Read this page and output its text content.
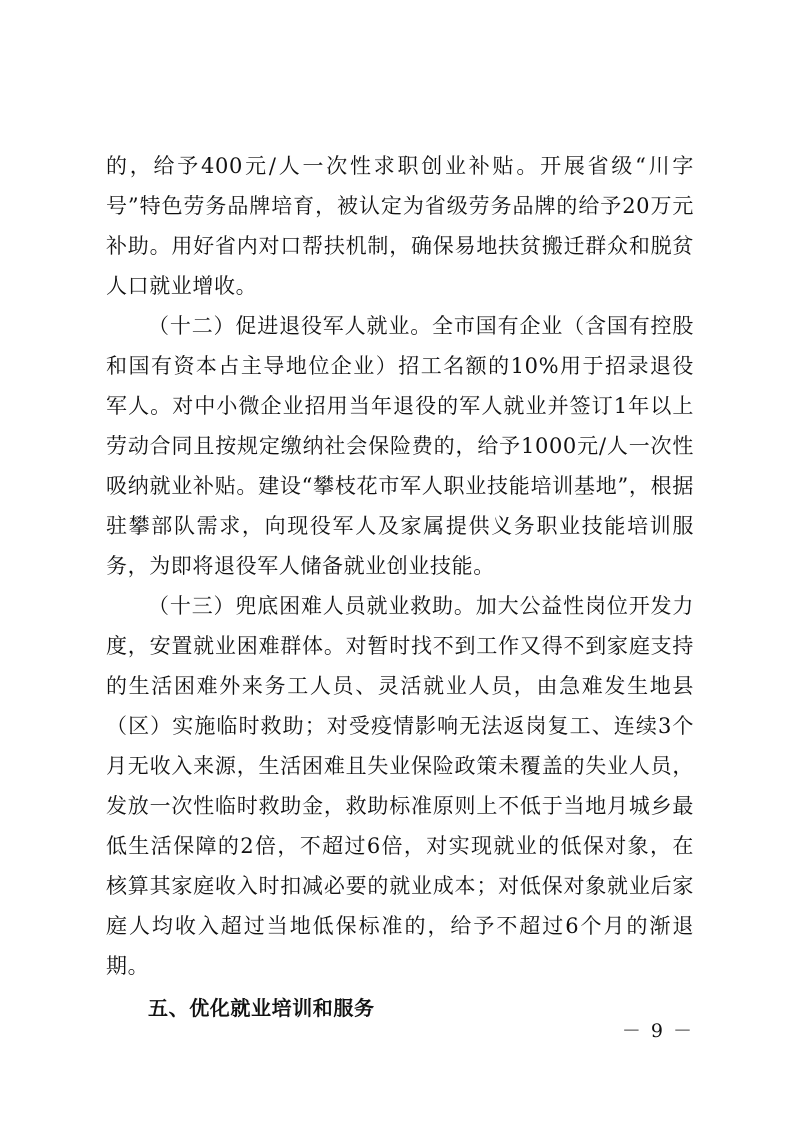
的，给予400元/人一次性求职创业补贴。开展省级“川字号”特色劳务品牌培育，被认定为省级劳务品牌的给予20万元补助。用好省内对口帮扶机制，确保易地扶贫搬迁群众和脱贫人口就业增收。

（十二）促进退役军人就业。全市国有企业（含国有控股和国有资本占主导地位企业）招工名额的10%用于招录退役军人。对中小微企业招用当年退役的军人就业并签订1年以上劳动合同且按规定缴纳社会保险费的，给予1000元/人一次性吸纳就业补贴。建设“攀枝花市军人职业技能培训基地”，根据驻攀部队需求，向现役军人及家属提供义务职业技能培训服务，为即将退役军人储备就业创业技能。

（十三）兜底困难人员就业救助。加大公益性岗位开发力度，安置就业困难群体。对暂时找不到工作又得不到家庭支持的生活困难外来务工人员、灵活就业人员，由急难发生地县（区）实施临时救助；对受疫情影响无法返岗复工、连续3个月无收入来源，生活困难且失业保险政策未覆盖的失业人员，发放一次性临时救助金，救助标准原则上不低于当地月城乡最低生活保障的2倍，不超过6倍，对实现就业的低保对象，在核算其家庭收入时扣减必要的就业成本；对低保对象就业后家庭人均收入超过当地低保标准的，给予不超过6个月的渐退期。

五、优化就业培训和服务

－ 9 －
